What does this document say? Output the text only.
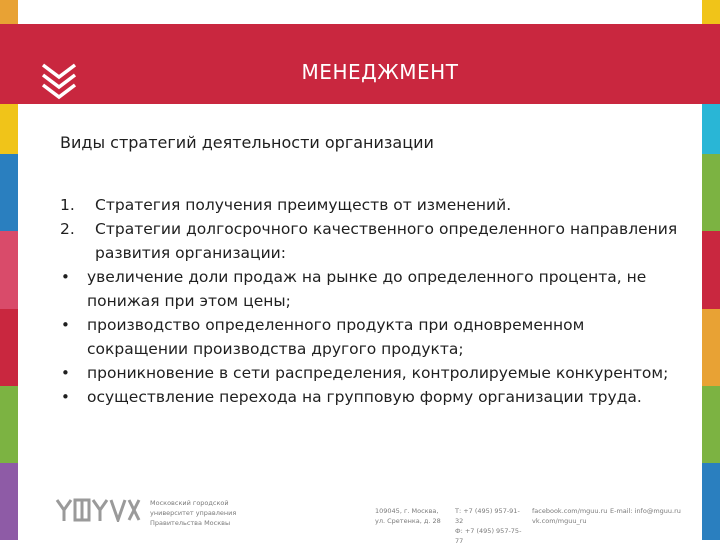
МЕНЕДЖМЕНТ
Виды стратегий деятельности организации
1.	Стратегия получения преимуществ от изменений.
2.	Стратегии долгосрочного качественного определенного направления развития организации:
•	увеличение доли продаж на рынке до определенного процента, не понижая при этом цены;
•	производство определенного продукта при одновременном сокращении производства другого продукта;
•	проникновение в сети распределения, контролируемые конкурентом;
•	осуществление перехода на групповую форму организации труда.
Московский городской университет управления Правительства Москвы
109045, г. Москва,
ул. Сретенка, д. 28
Т: +7 (495) 957-91-32
Ф: +7 (495) 957-75-77
facebook.com/mguu.ru
vk.com/mguu_ru
E-mail: info@mguu.ru
